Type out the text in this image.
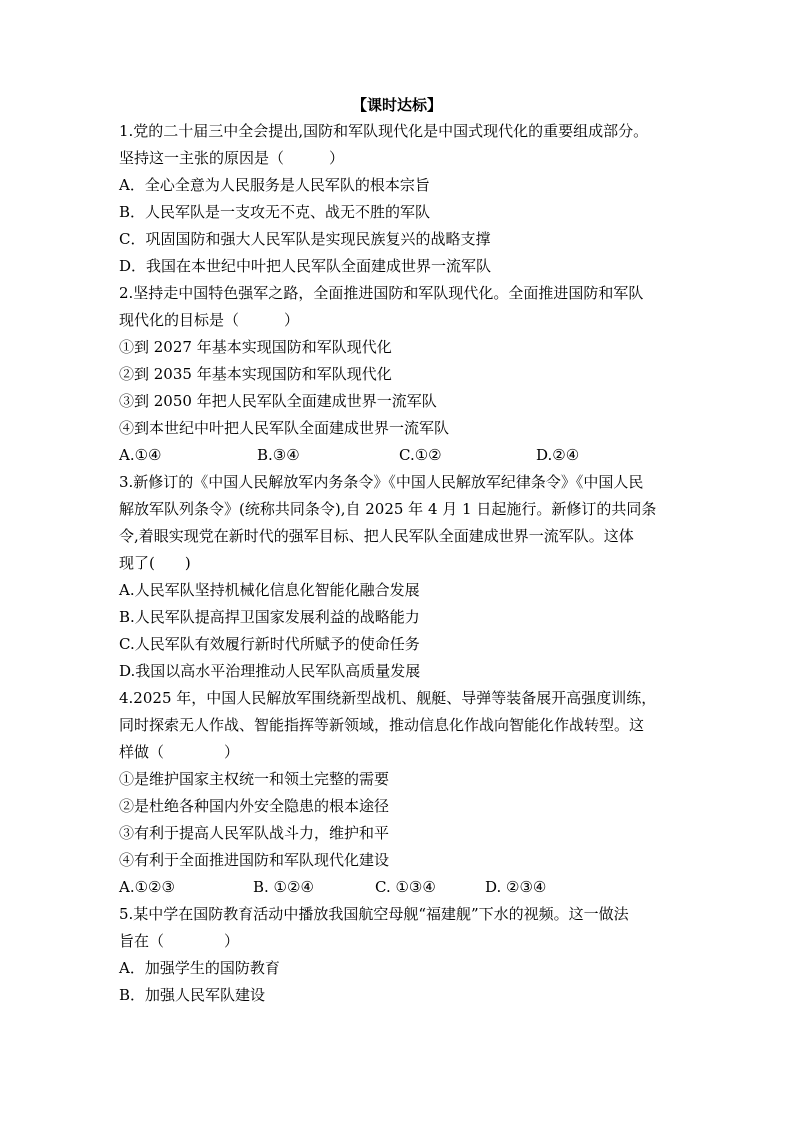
【课时达标】
1.党的二十届三中全会提出,国防和军队现代化是中国式现代化的重要组成部分。
坚持这一主张的原因是（　　　）
A．全心全意为人民服务是人民军队的根本宗旨
B．人民军队是一支攻无不克、战无不胜的军队
C．巩固国防和强大人民军队是实现民族复兴的战略支撑
D．我国在本世纪中叶把人民军队全面建成世界一流军队
2.坚持走中国特色强军之路，全面推进国防和军队现代化。全面推进国防和军队
现代化的目标是（　　　）
①到 2027 年基本实现国防和军队现代化
②到 2035 年基本实现国防和军队现代化
③到 2050 年把人民军队全面建成世界一流军队
④到本世纪中叶把人民军队全面建成世界一流军队
A.①④	B.③④	C.①②	D.②④
3.新修订的《中国人民解放军内务条令》《中国人民解放军纪律条令》《中国人民
解放军队列条令》(统称共同条令),自 2025 年 4 月 1 日起施行。新修订的共同条
令,着眼实现党在新时代的强军目标、把人民军队全面建成世界一流军队。这体
现了(　　)
A.人民军队坚持机械化信息化智能化融合发展
B.人民军队提高捍卫国家发展利益的战略能力
C.人民军队有效履行新时代所赋予的使命任务
D.我国以高水平治理推动人民军队高质量发展
4.2025 年，中国人民解放军围绕新型战机、舰艇、导弹等装备展开高强度训练，
同时探索无人作战、智能指挥等新领域，推动信息化作战向智能化作战转型。这
样做（　　　　）
①是维护国家主权统一和领土完整的需要
②是杜绝各种国内外安全隐患的根本途径
③有利于提高人民军队战斗力，维护和平
④有利于全面推进国防和军队现代化建设
A.①②③	B. ①②④	C. ①③④	D. ②③④
5.某中学在国防教育活动中播放我国航空母舰“福建舰”下水的视频。这一做法
旨在（　　　　）
A．加强学生的国防教育
B．加强人民军队建设
